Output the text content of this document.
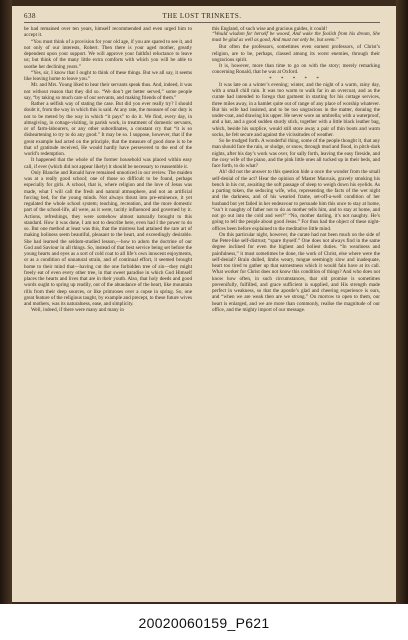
638	THE LOST TRINKETS.

he had remained over ten years, himself recommended and even urged him to accept it.

“You must think of a provision for your old age, if you are spared to see it, and not only of our interests, Robert. Then there is your aged mother, greatly dependent upon your support. We will approve your faithful reluctance to leave us; but think of the many little extra comforts with which you will be able to soothe her declining years.”

“Yes, sir, I know that I ought to think of these things. But we all say, it seems like leaving home to leave you.”

Mr. and Mrs. Young liked to hear their servants speak thus. And, indeed, it was not without reason that they did so. “We don’t get better served,” some people say, “by taking so much care of our servants, and making friends of them.”

Rather a selfish way of stating the case. But did you ever really try? I should doubt it, from the way in which this is said. At any rate, the measure of our duty is not to be meted by the way in which “it pays” to do it. We find, every day, in almsgiving, in cottage-visiting, in parish work, in treatment of domestic servants, or of farm-labourers, or any other subordinates, a constant cry that “it is so disheartening to try to do any good.” It may be so. I suppose, however, that if the great example had acted on the principle, that the measure of good done is to be that of gratitude received, He would hardly have persevered to the end of the world’s redemption.

It happened that the whole of the former household was placed within easy call, if ever (which did not appear likely) it should be necessary to reassemble it.

Only Blanche and Ronald have remained unnoticed in our review. The maiden was at a really good school; one of those so difficult to be found, perhaps especially for girls. A school, that is, where religion and the love of Jesus was made, what I will call the fresh and natural atmosphere, and not an artificial forcing bed, for the young minds. Not always thrust into pre-eminence, it yet regulated the whole school system; teaching, recreation, and the more domestic part of the school-life, all were, as it were, tacitly influenced and governed by it. Actions, refreshings, they were somehow almost naturally brought to this standard. How it was done, I am not to describe here, even had I the power to do so. But one method at least was this, that the mistress had attained the rare art of making holiness seem beautiful, pleasant to the heart, and exceedingly desirable. She had learned the seldom-studied lesson,—how to adorn the doctrine of our God and Saviour in all things. So, instead of that best service being set before the young hearts and eyes as a sort of cold coat to all life’s own innocent enjoyments, or as a condition of unnatural strain, and of continual effort, it seemed brought home to their mind that—having cut the one forbidden tree of sin—they might freely eat of even every other tree, in that sweet paradise in which God Himself places the hearts and lives that are in their youth. Also, that holy deeds and good words ought to spring up readily, out of the abundance of the heart, like mountain rills from their deep sources, or like primroses over a copse in spring. So, one great feature of the religious taught, by example and precept, to these future wives and mothers, was its naturalness, ease, and simplicity.

Well, indeed, if there were many and many in

this England, of such wise and gracious guides, it could!

“Would wisdom for herself be wooed, And wake the foolish from his dream, She must be glad as well as good, And must not only be, but seem.”

But often the professors, sometimes even earnest professors, of Christ’s religion, are to be, perhaps, classed among its worst enemies, through their ungracious spirit.

It is, however, more than time to go on with the story; merely remarking concerning Ronald, that he was at Oxford.

* * * * *

It was late on a winter’s evening; winter, and the night of a warm, rainy day, with a small chill rain. It was too warm to walk far in an overcoat, and as the curate had intended to forego that garment in starting for his cottage services, three miles away, in a hamlet quite out of range of any place of worship whatever. But his wife had insisted, and to be too ungracious in the matter, donning the under-coat, and drawing his upper. He never wore an umbrella; with a waterproof, and a hat, and a good sudden sturdy stick, together with a little black leather bag, which, beside his surplice, would still store away a pair of thin boots and warm socks, he felt secure and against the vicissitudes of weather.

So he trudged forth. A wonderful thing, some of the people thought it, that any man should face the rain, or sludge, or snow, through mud and flood, in pitch-dark nights, after his day’s work was over, for sally forth, leaving the easy fireside, and the cosy wife of the piano, and the pink little ones all tucked up in their beds, and face forth, to do what?

Ah! did not the answer to this question hide a once the wonder from the small self-denial of the act? Hear the opinion of Master Mauvais, gravely smoking his bench in his cot, awaiting the soft passage of sleep to weigh down his eyelids. As a parting token, the seducing wife, who, representing the facts of the wet night and the darkness, and of his wearied frame, set-off-a-well condition of her husband but yet failed in her endeavour to persuade him this once to stay at home, “isn’t it naughty of father not to do as mother tells him, and to stay at home, and not go out into the cold and wet?” “No, mother darling, it’s not naughty. He’s going to tell the people about good Jesus.” For thus had the object of these night-offices been before explained to the meditative little mind.

On this particular night, however, the curate had not been much on the side of the Peter-like self-distrust; “spare thyself.” One does not always find in the same degree inclined for even the highest and holiest duties. “In weariness and painfulness,” it must sometimes be done, the work of Christ, else where were the self-denial? Brain dulled, limbs weary, tongue seemingly slow and inadequate, heart too tired to gather up that earnestness which it would fain have at its call. What worker for Christ does not know this condition of things? And who does not know how often, in such circumstances, that old promise is sometimes prevenifully, fulfilled, and grace sufficient is supplied, and His strength made perfect in weakness, so that the apostle’s glad and cheering experience is ours, and “when we are weak then are we strong.” On morrow to open to them, our heart is enlarged, and we are more than commonly, realise the magnitude of our office, and the mighty import of our message.

20020060159_P621
